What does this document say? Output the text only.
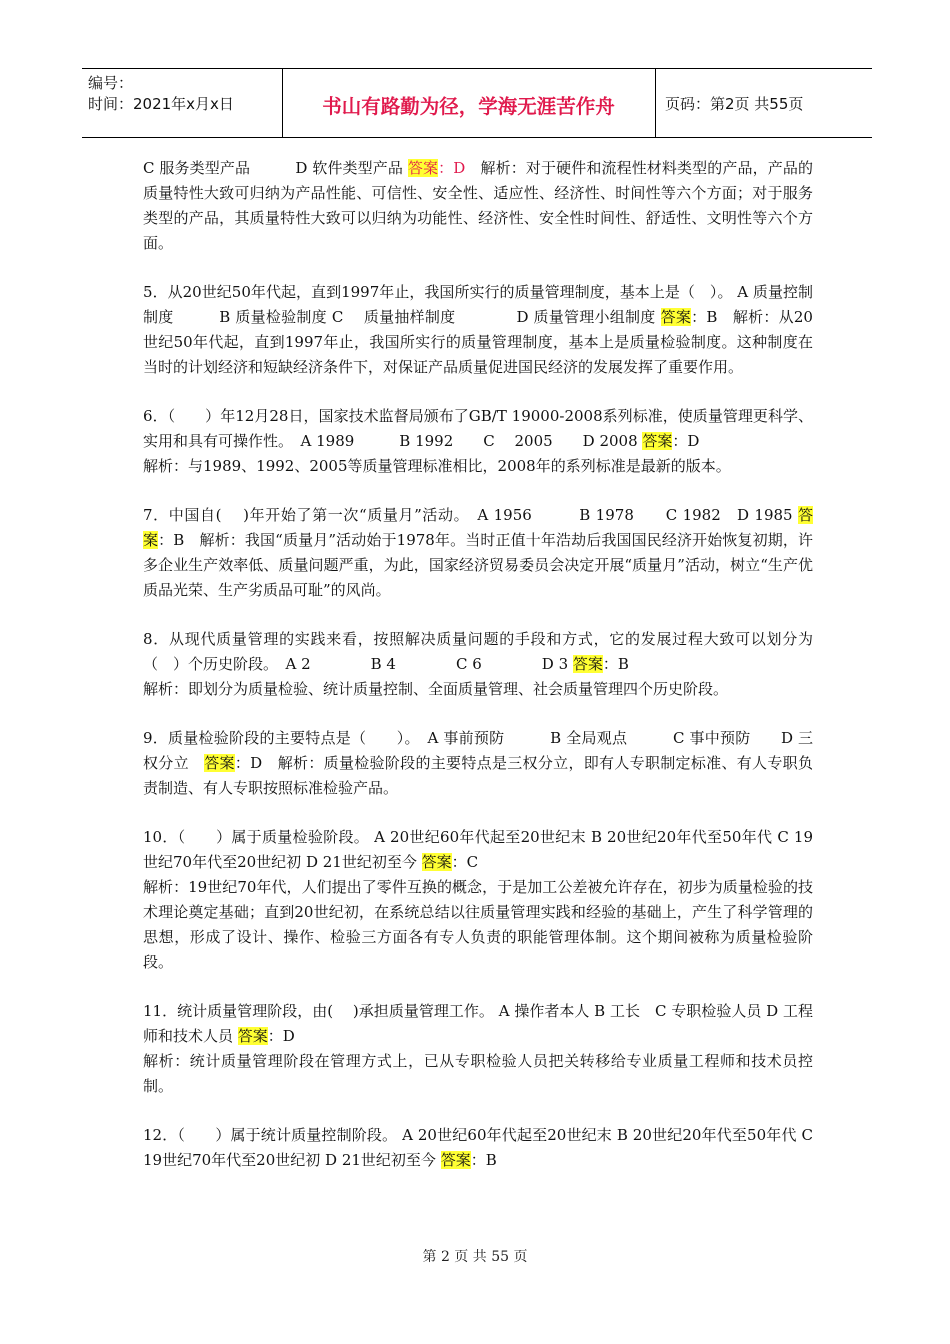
编号：
时间：2021年x月x日	书山有路勤为径，学海无涯苦作舟	页码：第2页 共55页

C 服务类型产品　　　D 软件类型产品 答案：D　解析：对于硬件和流程性材料类型的产品，产品的质量特性大致可归纳为产品性能、可信性、安全性、适应性、经济性、时间性等六个方面；对于服务类型的产品，其质量特性大致可以归纳为功能性、经济性、安全性时间性、舒适性、文明性等六个方面。

5．从20世纪50年代起，直到1997年止，我国所实行的质量管理制度，基本上是（　）。 A 质量控制制度　　　B 质量检验制度 C　 质量抽样制度　　　　D 质量管理小组制度 答案：B　解析：从20世纪50年代起，直到1997年止，我国所实行的质量管理制度，基本上是质量检验制度。这种制度在当时的计划经济和短缺经济条件下，对保证产品质量促进国民经济的发展发挥了重要作用。

6．（　　）年12月28日，国家技术监督局颁布了GB/T 19000-2008系列标准，使质量管理更科学、实用和具有可操作性。　A 1989　　　B 1992　　C　 2005　　D 2008 答案：D
解析：与1989、1992、2005等质量管理标准相比，2008年的系列标准是最新的版本。

7．中国自(　 )年开始了第一次“质量月”活动。　A 1956　　　B 1978　　C 1982　D 1985 答案：B　解析：我国“质量月”活动始于1978年。当时正值十年浩劫后我国国民经济开始恢复初期，许多企业生产效率低、质量问题严重，为此，国家经济贸易委员会决定开展“质量月”活动，树立“生产优质品光荣、生产劣质品可耻”的风尚。

8．从现代质量管理的实践来看，按照解决质量问题的手段和方式，它的发展过程大致可以划分为（　）个历史阶段。　A 2　　　　B 4　　　　C 6　　　　D 3 答案：B
解析：即划分为质量检验、统计质量控制、全面质量管理、社会质量管理四个历史阶段。

9．质量检验阶段的主要特点是（　　）。　A 事前预防　　　B 全局观点　　　C 事中预防　　D 三权分立　答案：D　解析：质量检验阶段的主要特点是三权分立，即有人专职制定标准、有人专职负责制造、有人专职按照标准检验产品。

10．（　　）属于质量检验阶段。 A 20世纪60年代起至20世纪末 B 20世纪20年代至50年代 C 19世纪70年代至20世纪初 D 21世纪初至今 答案：C
解析：19世纪70年代，人们提出了零件互换的概念，于是加工公差被允许存在，初步为质量检验的技术理论奠定基础；直到20世纪初，在系统总结以往质量管理实践和经验的基础上，产生了科学管理的思想，形成了设计、操作、检验三方面各有专人负责的职能管理体制。这个期间被称为质量检验阶段。

11．统计质量管理阶段，由(　 )承担质量管理工作。 A 操作者本人 B 工长　C 专职检验人员 D 工程师和技术人员 答案：D
解析：统计质量管理阶段在管理方式上，已从专职检验人员把关转移给专业质量工程师和技术员控制。

12．（　　）属于统计质量控制阶段。 A 20世纪60年代起至20世纪末 B 20世纪20年代至50年代 C 19世纪70年代至20世纪初 D 21世纪初至今 答案：B

第 2 页 共 55 页
